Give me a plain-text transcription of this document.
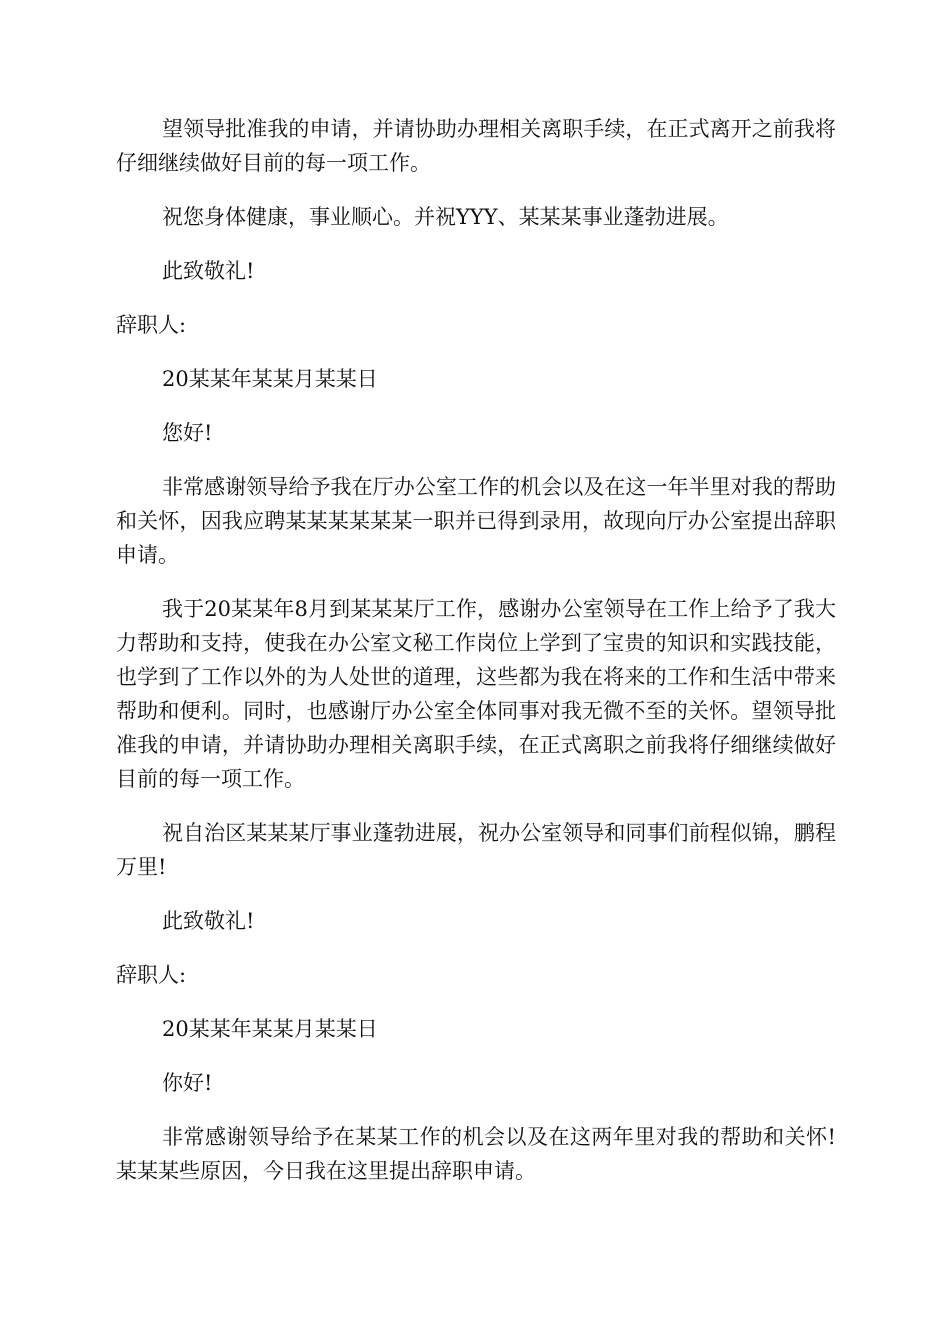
望领导批准我的申请，并请协助办理相关离职手续，在正式离开之前我将仔细继续做好目前的每一项工作。

祝您身体健康，事业顺心。并祝YYY、某某某事业蓬勃进展。

此致敬礼!

辞职人:

20某某年某某月某某日

您好!

非常感谢领导给予我在厅办公室工作的机会以及在这一年半里对我的帮助和关怀，因我应聘某某某某某某一职并已得到录用，故现向厅办公室提出辞职申请。

我于20某某年8月到某某某厅工作，感谢办公室领导在工作上给予了我大力帮助和支持，使我在办公室文秘工作岗位上学到了宝贵的知识和实践技能，也学到了工作以外的为人处世的道理，这些都为我在将来的工作和生活中带来帮助和便利。同时，也感谢厅办公室全体同事对我无微不至的关怀。望领导批准我的申请，并请协助办理相关离职手续，在正式离职之前我将仔细继续做好目前的每一项工作。

祝自治区某某某厅事业蓬勃进展，祝办公室领导和同事们前程似锦，鹏程万里!

此致敬礼!

辞职人:

20某某年某某月某某日

你好!

非常感谢领导给予在某某工作的机会以及在这两年里对我的帮助和关怀!某某某些原因，今日我在这里提出辞职申请。
